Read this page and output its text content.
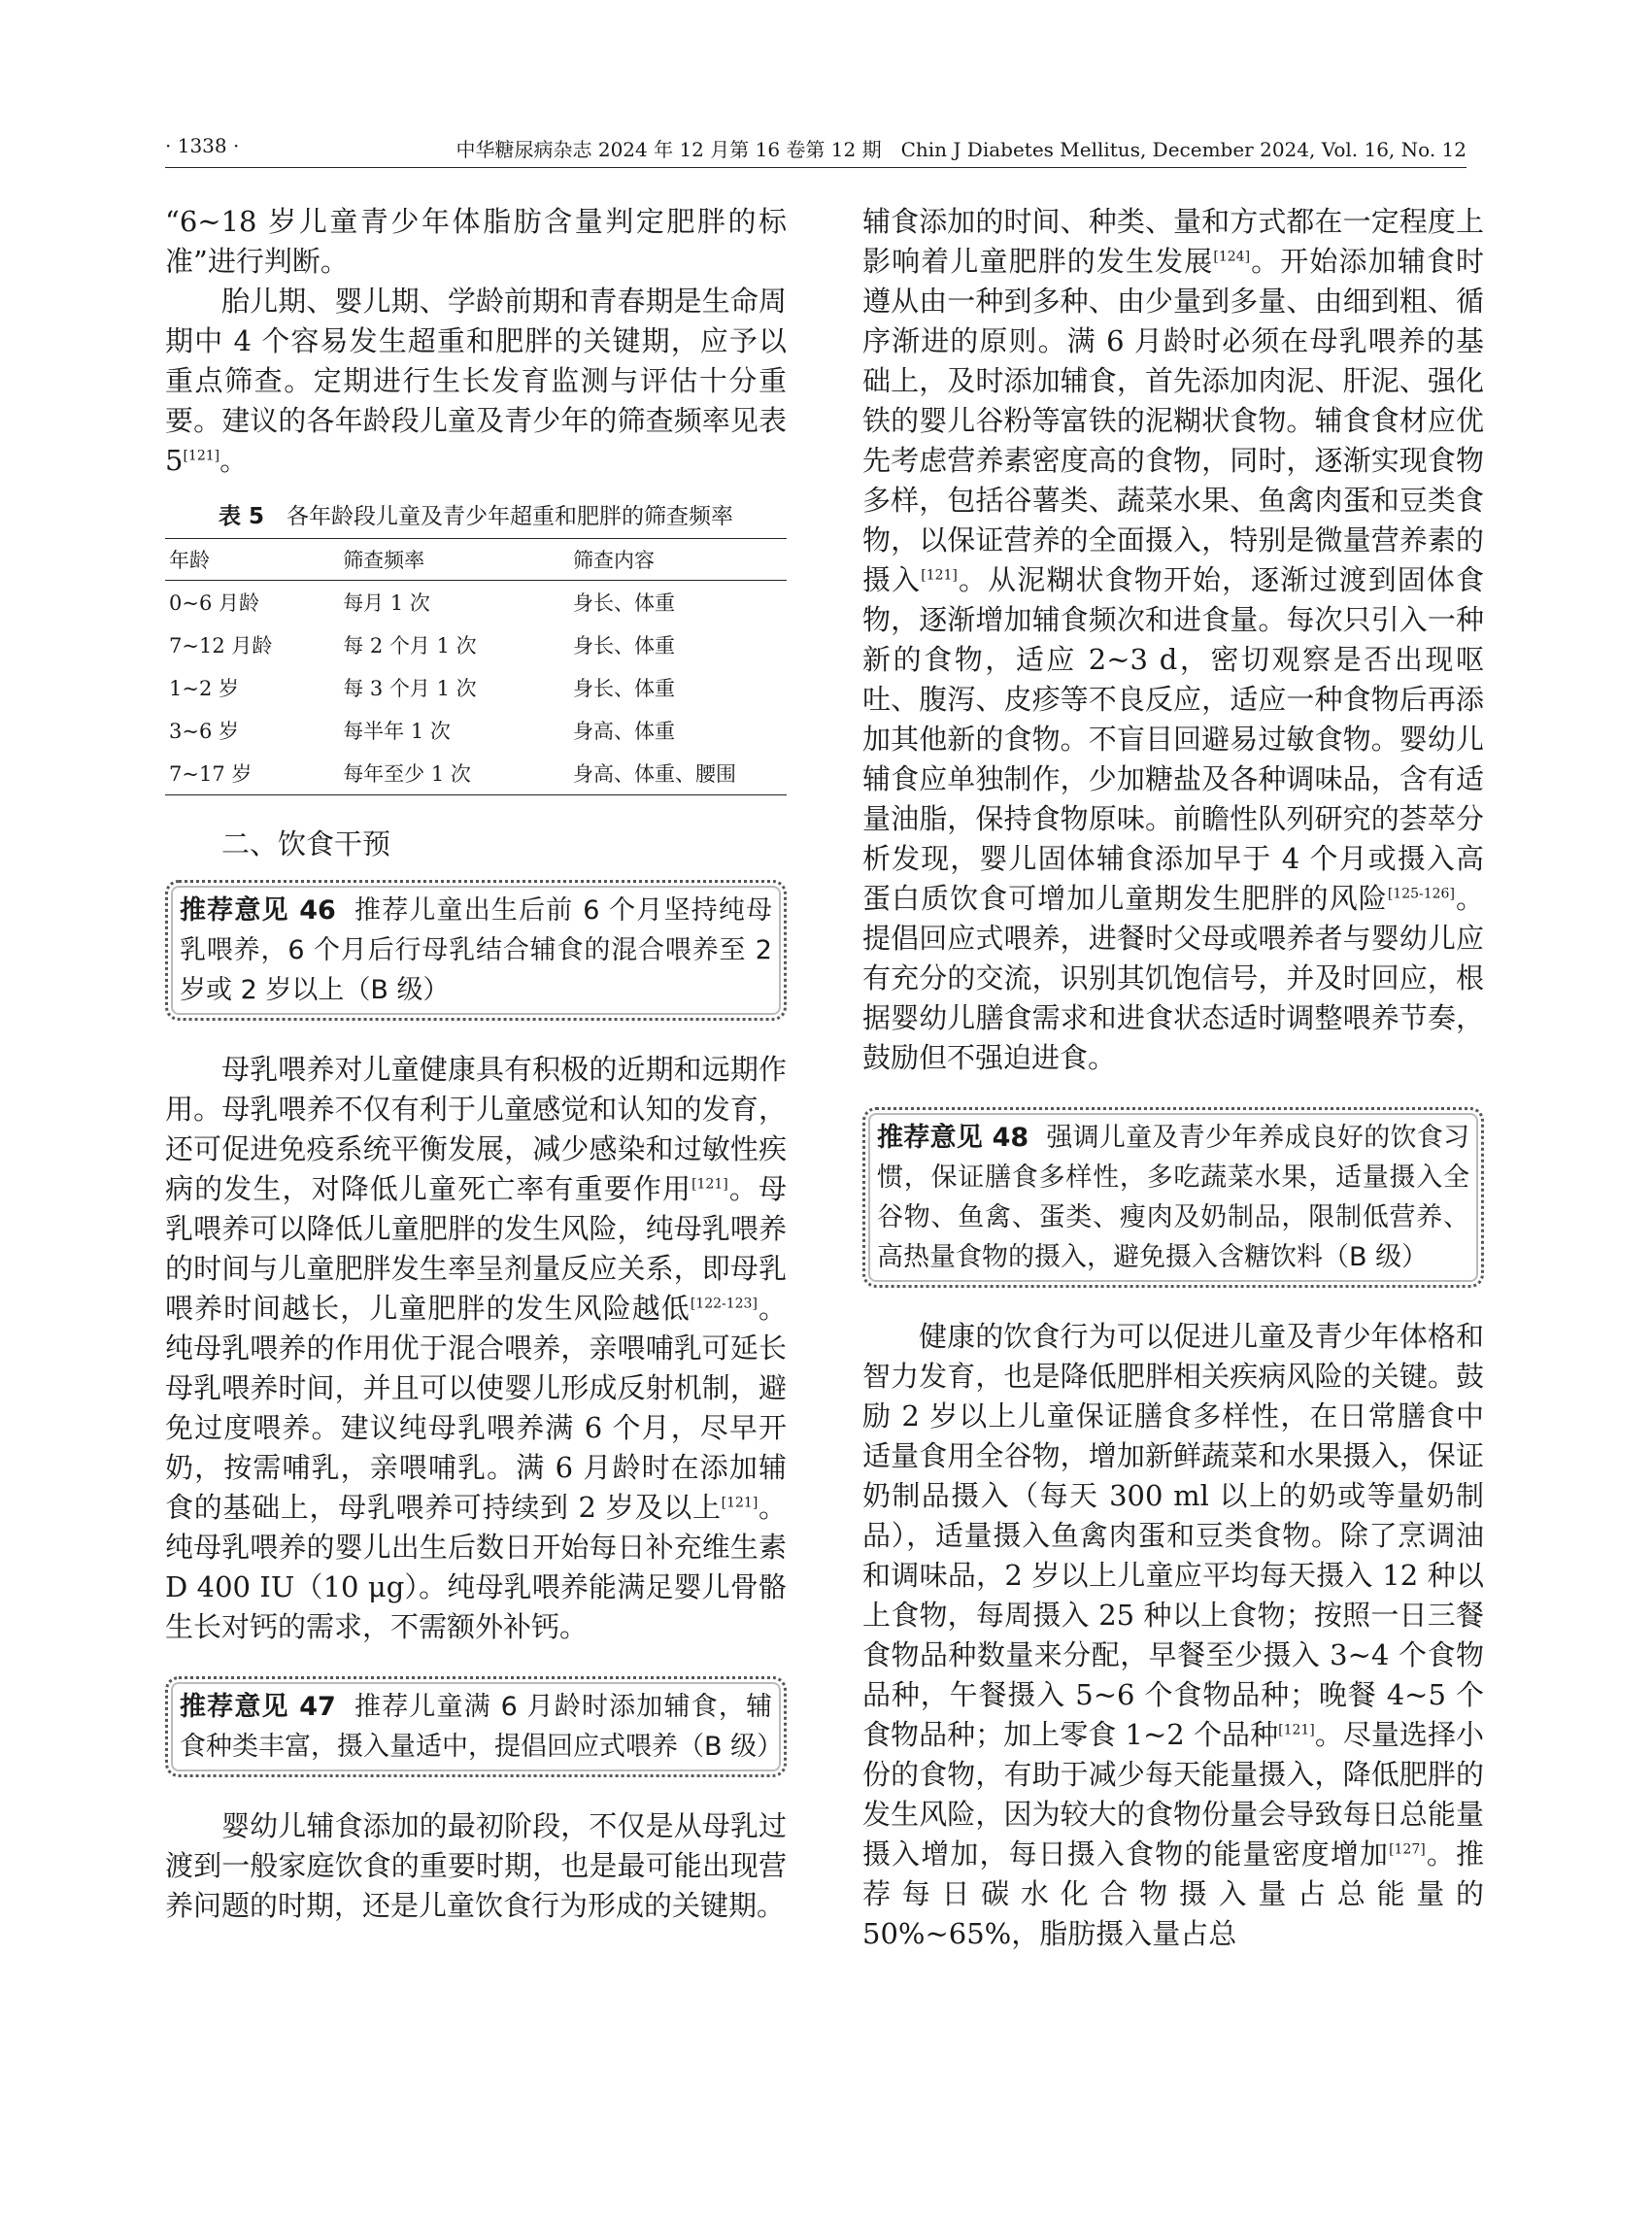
· 1338 ·	中华糖尿病杂志 2024 年 12 月第 16 卷第 12 期　Chin J Diabetes Mellitus, December 2024, Vol. 16, No. 12

“6~18 岁儿童青少年体脂肪含量判定肥胖的标准”进行判断。

胎儿期、婴儿期、学龄前期和青春期是生命周期中 4 个容易发生超重和肥胖的关键期，应予以重点筛查。定期进行生长发育监测与评估十分重要。建议的各年龄段儿童及青少年的筛查频率见表 5[121]。

表 5　 各年龄段儿童及青少年超重和肥胖的筛查频率
年龄	筛查频率	筛查内容
0~6 月龄	每月 1 次	身长、体重
7~12 月龄	每 2 个月 1 次	身长、体重
1~2 岁	每 3 个月 1 次	身长、体重
3~6 岁	每半年 1 次	身高、体重
7~17 岁	每年至少 1 次	身高、体重、腰围
二、饮食干预
推荐意见 46 推荐儿童出生后前 6 个月坚持纯母乳喂养，6 个月后行母乳结合辅食的混合喂养至 2 岁或 2 岁以上（B 级）

母乳喂养对儿童健康具有积极的近期和远期作用。母乳喂养不仅有利于儿童感觉和认知的发育，还可促进免疫系统平衡发展，减少感染和过敏性疾病的发生，对降低儿童死亡率有重要作用[121]。母乳喂养可以降低儿童肥胖的发生风险，纯母乳喂养的时间与儿童肥胖发生率呈剂量反应关系，即母乳喂养时间越长，儿童肥胖的发生风险越低[122-123]。纯母乳喂养的作用优于混合喂养，亲喂哺乳可延长母乳喂养时间，并且可以使婴儿形成反射机制，避免过度喂养。建议纯母乳喂养满 6 个月，尽早开奶，按需哺乳，亲喂哺乳。满 6 月龄时在添加辅食的基础上，母乳喂养可持续到 2 岁及以上[121]。纯母乳喂养的婴儿出生后数日开始每日补充维生素 D 400 IU（10 μg）。纯母乳喂养能满足婴儿骨骼生长对钙的需求，不需额外补钙。

推荐意见 47 推荐儿童满 6 月龄时添加辅食，辅食种类丰富，摄入量适中，提倡回应式喂养（B 级）

婴幼儿辅食添加的最初阶段，不仅是从母乳过渡到一般家庭饮食的重要时期，也是最可能出现营养问题的时期，还是儿童饮食行为形成的关键期。

辅食添加的时间、种类、量和方式都在一定程度上影响着儿童肥胖的发生发展[124]。开始添加辅食时遵从由一种到多种、由少量到多量、由细到粗、循序渐进的原则。满 6 月龄时必须在母乳喂养的基础上，及时添加辅食，首先添加肉泥、肝泥、强化铁的婴儿谷粉等富铁的泥糊状食物。辅食食材应优先考虑营养素密度高的食物，同时，逐渐实现食物多样，包括谷薯类、蔬菜水果、鱼禽肉蛋和豆类食物，以保证营养的全面摄入，特别是微量营养素的摄入[121]。从泥糊状食物开始，逐渐过渡到固体食物，逐渐增加辅食频次和进食量。每次只引入一种新的食物，适应 2~3 d，密切观察是否出现呕吐、腹泻、皮疹等不良反应，适应一种食物后再添加其他新的食物。不盲目回避易过敏食物。婴幼儿辅食应单独制作，少加糖盐及各种调味品，含有适量油脂，保持食物原味。前瞻性队列研究的荟萃分析发现，婴儿固体辅食添加早于 4 个月或摄入高蛋白质饮食可增加儿童期发生肥胖的风险[125-126]。提倡回应式喂养，进餐时父母或喂养者与婴幼儿应有充分的交流，识别其饥饱信号，并及时回应，根据婴幼儿膳食需求和进食状态适时调整喂养节奏，鼓励但不强迫进食。

推荐意见 48 强调儿童及青少年养成良好的饮食习惯，保证膳食多样性，多吃蔬菜水果，适量摄入全谷物、鱼禽、蛋类、瘦肉及奶制品，限制低营养、高热量食物的摄入，避免摄入含糖饮料（B 级）

健康的饮食行为可以促进儿童及青少年体格和智力发育，也是降低肥胖相关疾病风险的关键。鼓励 2 岁以上儿童保证膳食多样性，在日常膳食中适量食用全谷物，增加新鲜蔬菜和水果摄入，保证奶制品摄入（每天 300 ml 以上的奶或等量奶制品），适量摄入鱼禽肉蛋和豆类食物。除了烹调油和调味品，2 岁以上儿童应平均每天摄入 12 种以上食物，每周摄入 25 种以上食物；按照一日三餐食物品种数量来分配，早餐至少摄入 3~4 个食物品种，午餐摄入 5~6 个食物品种；晚餐 4~5 个食物品种；加上零食 1~2 个品种[121]。尽量选择小份的食物，有助于减少每天能量摄入，降低肥胖的发生风险，因为较大的食物份量会导致每日总能量摄入增加，每日摄入食物的能量密度增加[127]。推荐每日碳水化合物摄入量占总能量的 50%~65%，脂肪摄入量占总
